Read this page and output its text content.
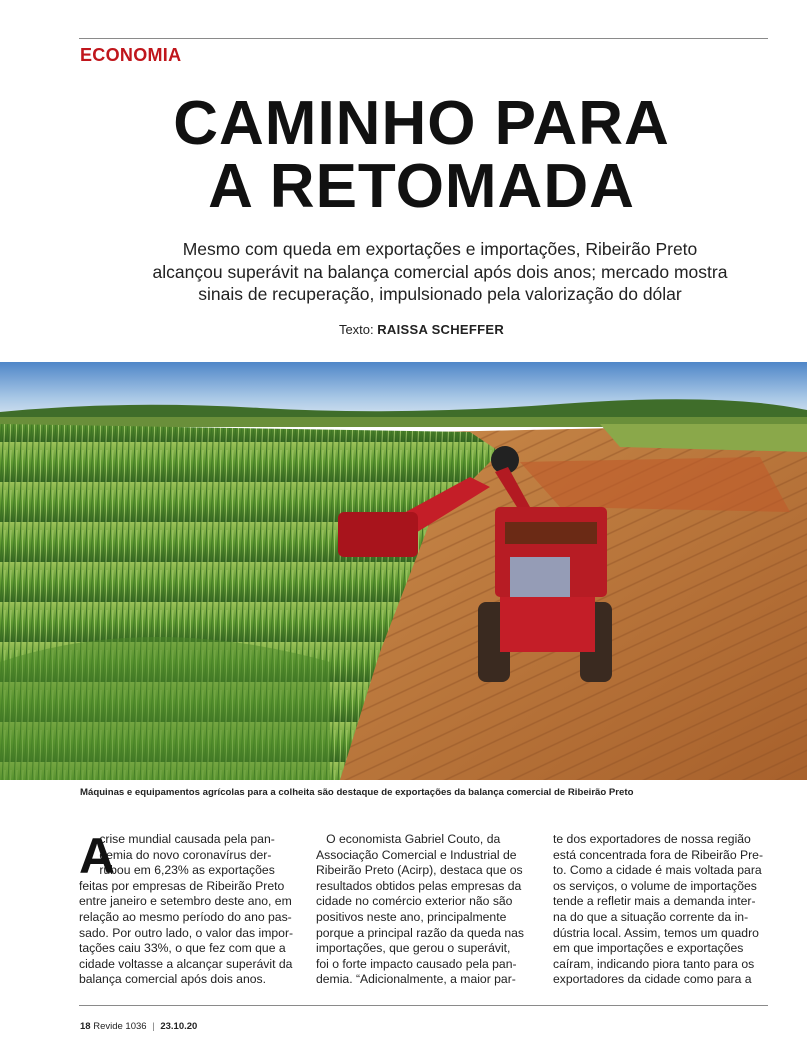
ECONOMIA
CAMINHO PARA
A RETOMADA

Mesmo com queda em exportações e importações, Ribeirão Preto alcançou superávit na balança comercial após dois anos; mercado mostra sinais de recuperação, impulsionado pela valorização do dólar

Texto: RAISSA SCHEFFER

Máquinas e equipamentos agrícolas para a colheita são destaque de exportações da balança comercial de Ribeirão Preto

A

crise mundial causada pela pan-

demia do novo coronavírus der-

rubou em 6,23% as exportações

feitas por empresas de Ribeirão Preto

entre janeiro e setembro deste ano, em

relação ao mesmo período do ano pas-

sado. Por outro lado, o valor das impor-

tações caiu 33%, o que fez com que a

cidade voltasse a alcançar superávit da

balança comercial após dois anos.

O economista Gabriel Couto, da

Associação Comercial e Industrial de

Ribeirão Preto (Acirp), destaca que os

resultados obtidos pelas empresas da

cidade no comércio exterior não são

positivos neste ano, principalmente

porque a principal razão da queda nas

importações, que gerou o superávit,

foi o forte impacto causado pela pan-

demia. “Adicionalmente, a maior par-

te dos exportadores de nossa região

está concentrada fora de Ribeirão Pre-

to. Como a cidade é mais voltada para

os serviços, o volume de importações

tende a refletir mais a demanda inter-

na do que a situação corrente da in-

dústria local. Assim, temos um quadro

em que importações e exportações

caíram, indicando piora tanto para os

exportadores da cidade como para a

18 Revide 1036 | 23.10.20
